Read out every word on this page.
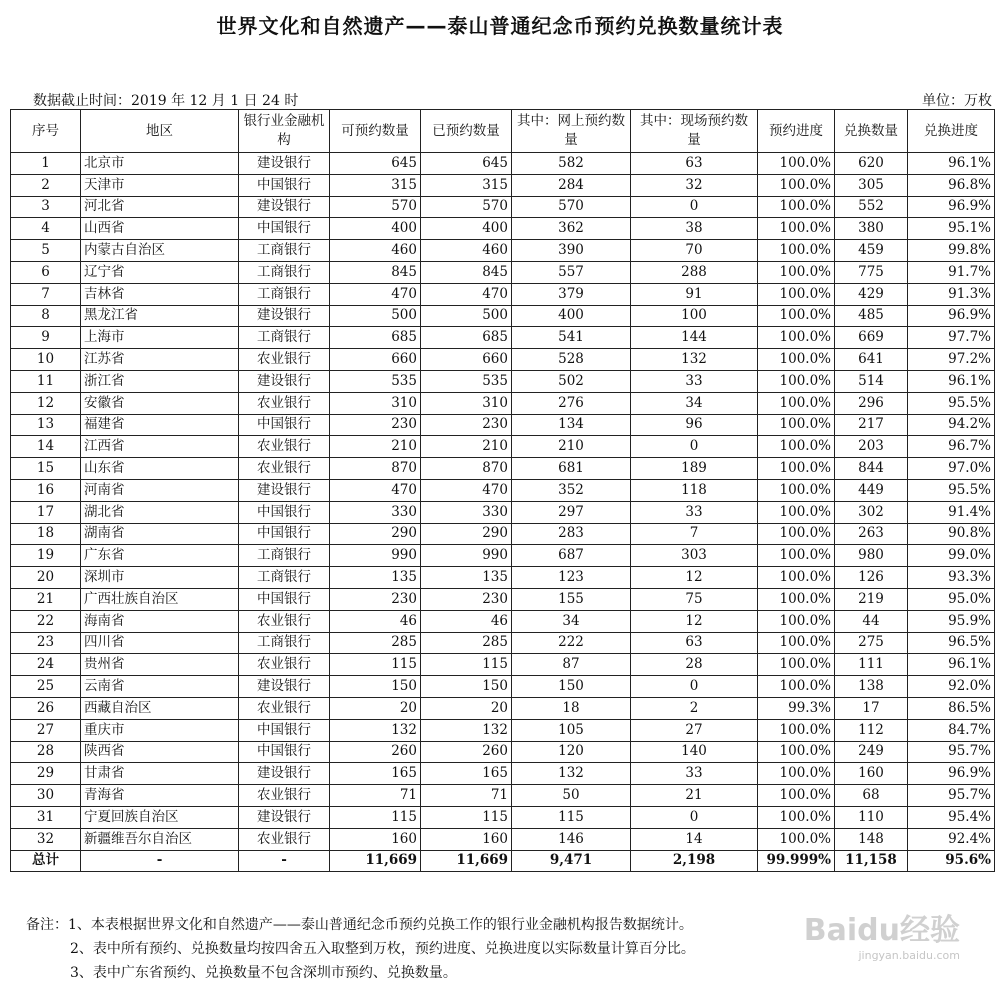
世界文化和自然遗产——泰山普通纪念币预约兑换数量统计表
数据截止时间：2019 年 12 月 1 日 24 时	单位：万枚
序号	地区	银行业金融机构	可预约数量	已预约数量	其中：网上预约数量	其中：现场预约数量	预约进度	兑换数量	兑换进度
1	北京市	建设银行	645	645	582	63	100.0%	620	96.1%
2	天津市	中国银行	315	315	284	32	100.0%	305	96.8%
3	河北省	建设银行	570	570	570	0	100.0%	552	96.9%
4	山西省	中国银行	400	400	362	38	100.0%	380	95.1%
5	内蒙古自治区	工商银行	460	460	390	70	100.0%	459	99.8%
6	辽宁省	工商银行	845	845	557	288	100.0%	775	91.7%
7	吉林省	工商银行	470	470	379	91	100.0%	429	91.3%
8	黑龙江省	建设银行	500	500	400	100	100.0%	485	96.9%
9	上海市	工商银行	685	685	541	144	100.0%	669	97.7%
10	江苏省	农业银行	660	660	528	132	100.0%	641	97.2%
11	浙江省	建设银行	535	535	502	33	100.0%	514	96.1%
12	安徽省	农业银行	310	310	276	34	100.0%	296	95.5%
13	福建省	中国银行	230	230	134	96	100.0%	217	94.2%
14	江西省	农业银行	210	210	210	0	100.0%	203	96.7%
15	山东省	农业银行	870	870	681	189	100.0%	844	97.0%
16	河南省	建设银行	470	470	352	118	100.0%	449	95.5%
17	湖北省	中国银行	330	330	297	33	100.0%	302	91.4%
18	湖南省	中国银行	290	290	283	7	100.0%	263	90.8%
19	广东省	工商银行	990	990	687	303	100.0%	980	99.0%
20	深圳市	工商银行	135	135	123	12	100.0%	126	93.3%
21	广西壮族自治区	中国银行	230	230	155	75	100.0%	219	95.0%
22	海南省	农业银行	46	46	34	12	100.0%	44	95.9%
23	四川省	工商银行	285	285	222	63	100.0%	275	96.5%
24	贵州省	农业银行	115	115	87	28	100.0%	111	96.1%
25	云南省	建设银行	150	150	150	0	100.0%	138	92.0%
26	西藏自治区	农业银行	20	20	18	2	99.3%	17	86.5%
27	重庆市	中国银行	132	132	105	27	100.0%	112	84.7%
28	陕西省	中国银行	260	260	120	140	100.0%	249	95.7%
29	甘肃省	建设银行	165	165	132	33	100.0%	160	96.9%
30	青海省	农业银行	71	71	50	21	100.0%	68	95.7%
31	宁夏回族自治区	建设银行	115	115	115	0	100.0%	110	95.4%
32	新疆维吾尔自治区	农业银行	160	160	146	14	100.0%	148	92.4%
总计	-	-	11,669	11,669	9,471	2,198	99.999%	11,158	95.6%
备注：1、本表根据世界文化和自然遗产——泰山普通纪念币预约兑换工作的银行业金融机构报告数据统计。
2、表中所有预约、兑换数量均按四舍五入取整到万枚，预约进度、兑换进度以实际数量计算百分比。
3、表中广东省预约、兑换数量不包含深圳市预约、兑换数量。
Baidu经验
jingyan.baidu.com
